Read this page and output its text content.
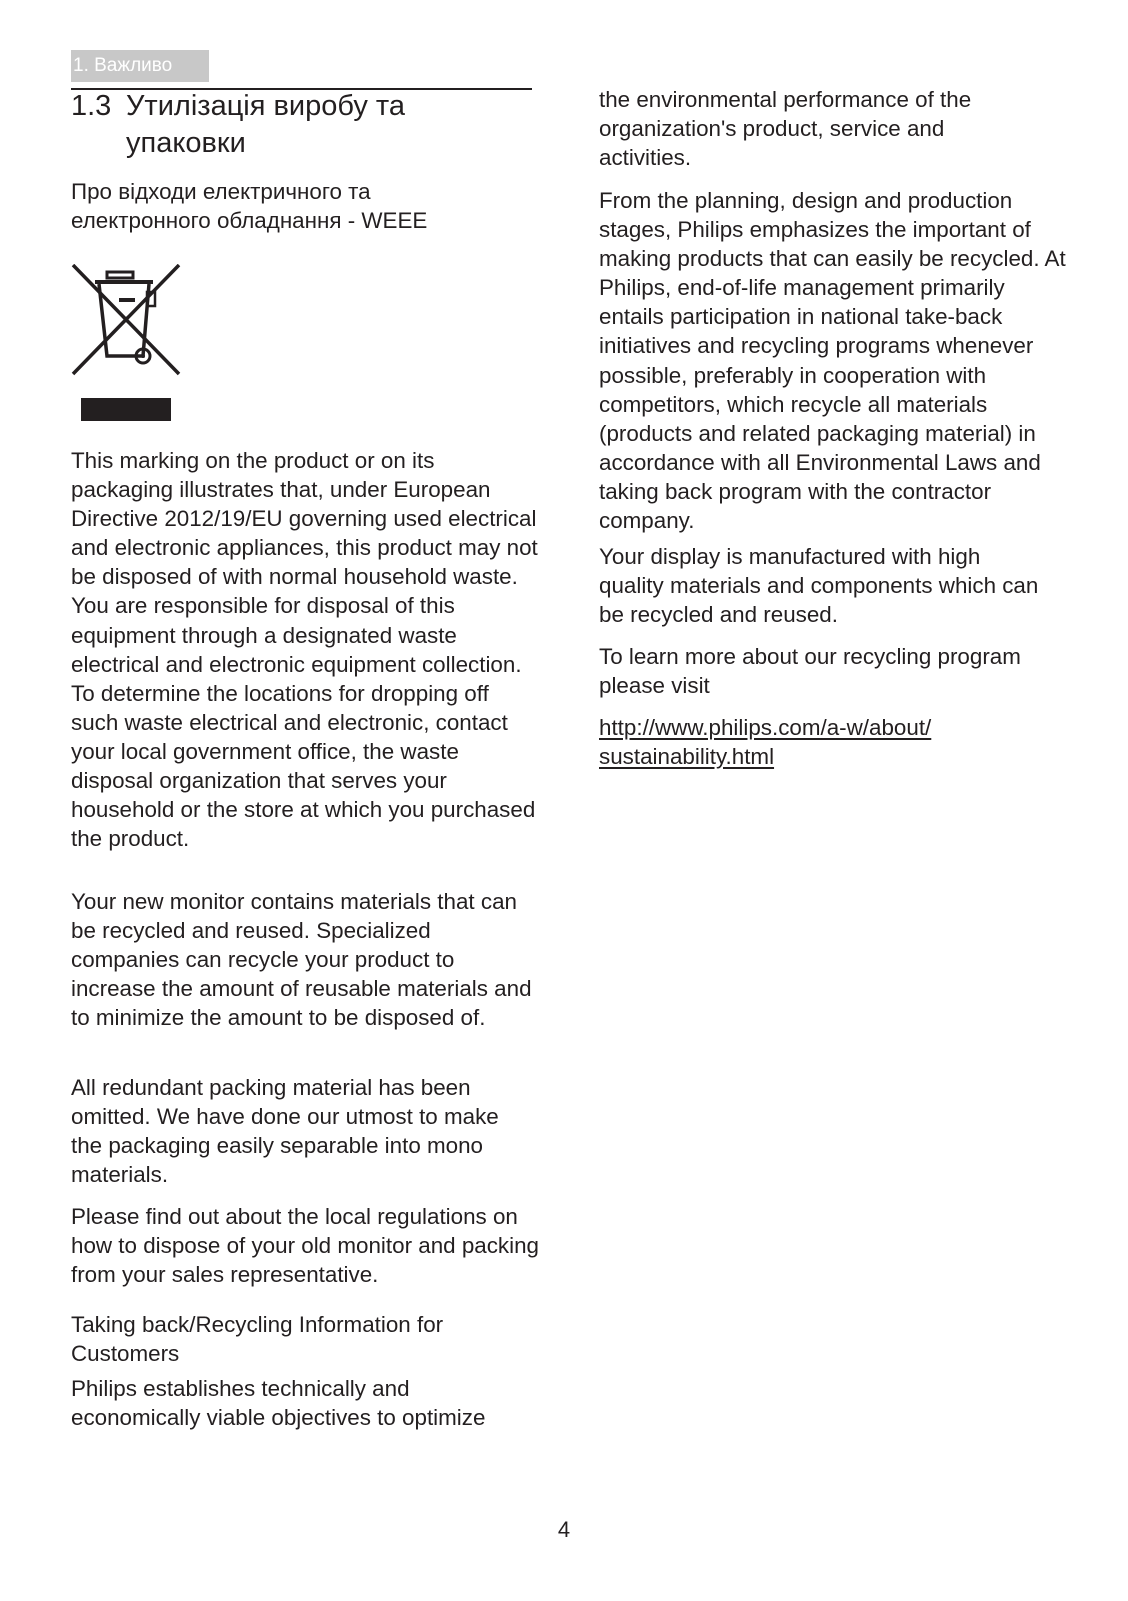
1. Важливо
1.3 Утилізація виробу та упаковки

Про відходи електричного та електронного обладнання - WEEE

This marking on the product or on its packaging illustrates that, under European Directive 2012/19/EU governing used electrical and electronic appliances, this product may not be disposed of with normal household waste. You are responsible for disposal of this equipment through a designated waste electrical and electronic equipment collection. To determine the locations for dropping off such waste electrical and electronic, contact your local government office, the waste disposal organization that serves your household or the store at which you purchased the product.

Your new monitor contains materials that can be recycled and reused. Specialized companies can recycle your product to increase the amount of reusable materials and to minimize the amount to be disposed of.

All redundant packing material has been omitted. We have done our utmost to make the packaging easily separable into mono materials.

Please find out about the local regulations on how to dispose of your old monitor and packing from your sales representative.

Taking back/Recycling Information for Customers

Philips establishes technically and economically viable objectives to optimize

the environmental performance of the organization's product, service and activities.

From the planning, design and production stages, Philips emphasizes the important of making products that can easily be recycled. At Philips, end-of-life management primarily entails participation in national take-back initiatives and recycling programs whenever possible, preferably in cooperation with competitors, which recycle all materials (products and related packaging material) in accordance with all Environmental Laws and taking back program with the contractor company.

Your display is manufactured with high quality materials and components which can be recycled and reused.

To learn more about our recycling program please visit

http://www.philips.com/a-w/about/
sustainability.html

4
